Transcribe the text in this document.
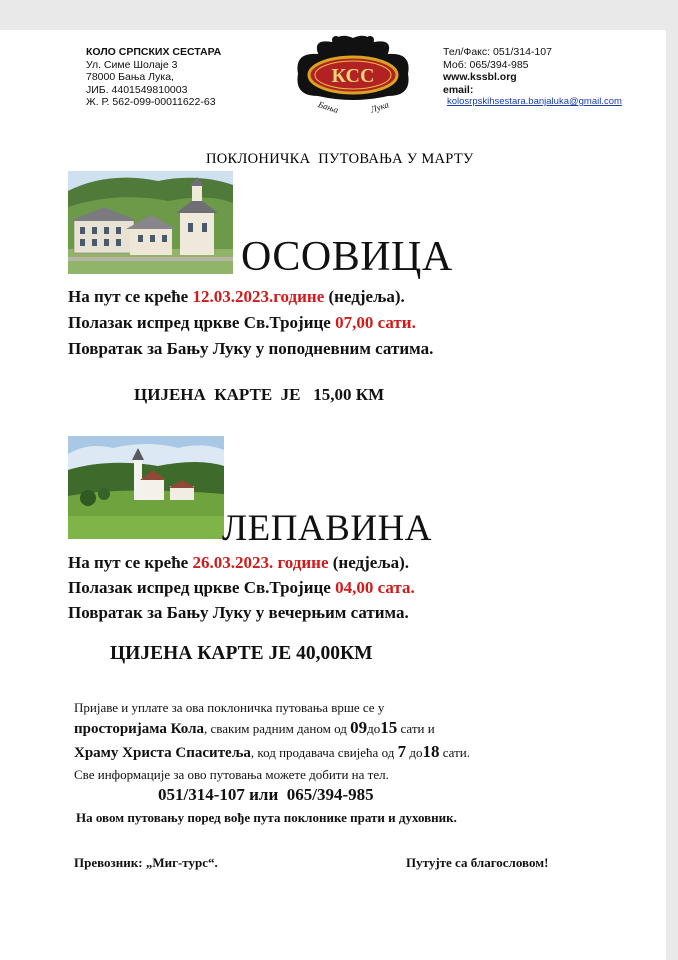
КОЛО СРПСКИХ СЕСТАРА
Ул. Симе Шолаје 3
78000 Бања Лука,
ЈИБ. 4401549810003
Ж. Р. 562-099-00011622-63
КСС
Бања	Лука
Тел/Факс: 051/314-107
Моб: 065/394-985
www.kssbl.org
email:
kolosrpskihsestara.banjaluka@gmail.com
ПОКЛОНИЧКА  ПУТОВАЊА У МАРТУ
ОСОВИЦА
На пут се креће 12.03.2023.године (недјеља).
Полазак испред цркве Св.Тројице 07,00 сати.
Повратак за Бању Луку у поподневним сатима.
ЦИЈЕНА  КАРТЕ  ЈЕ   15,00 КМ
ЛЕПАВИНА
На пут се креће 26.03.2023. године (недјеља).
Полазак испред цркве Св.Тројице 04,00 сата.
Повратак за Бању Луку у вечерњим сатима.
ЦИЈЕНА КАРТЕ ЈЕ 40,00КМ
Пријаве и уплате за ова поклоничка путовања врше се у
просторијама Кола, сваким радним даном од 09до15 сати и
Храму Христа Спаситеља, код продавача свијећа од 7 до18 сати.
Све информације за ово путовања можете добити на тел.
051/314-107 или  065/394-985
На овом путовању поред вође пута поклонике прати и духовник.
Превозник: „Миг-турс“.	Путујте са благословом!
